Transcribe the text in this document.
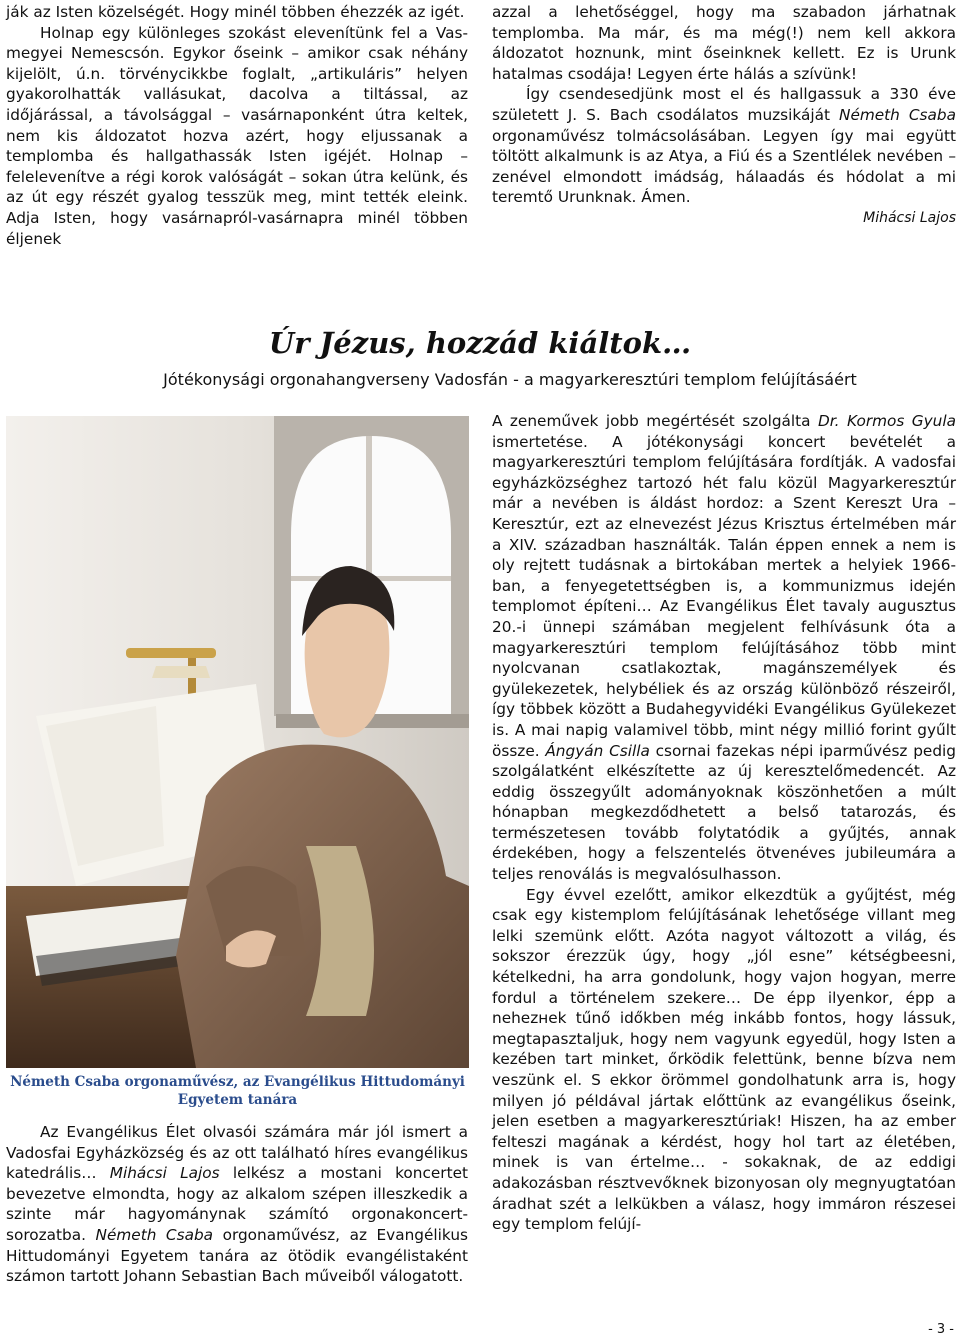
ják az Isten közelségét. Hogy minél többen éhezzék az igét.

Holnap egy különleges szokást elevenítünk fel a Vas-megyei Nemescsón. Egykor őseink – amikor csak néhány kijelölt, ú.n. törvénycikkbe foglalt, „artikuláris” helyen gyakorolhatták vallásukat, dacolva a tiltással, az időjárással, a távolsággal – vasárnaponként útra keltek, nem kis áldozatot hozva azért, hogy eljussanak a templomba és hallgathassák Isten igéjét. Holnap – felelevenítve a régi korok valóságát – sokan útra kelünk, és az út egy részét gyalog tesszük meg, mint tették eleink. Adja Isten, hogy vasárnapról-vasárnapra minél többen éljenek

azzal a lehetőséggel, hogy ma szabadon járhatnak templomba. Ma már, és ma még(!) nem kell akkora áldozatot hoznunk, mint őseinknek kellett. Ez is Urunk hatalmas csodája! Legyen érte hálás a szívünk!

Így csendesedjünk most el és hallgassuk a 330 éve született J. S. Bach csodálatos muzsikáját Németh Csaba orgonaművész tolmácsolásában. Legyen így mai együtt töltött alkalmunk is az Atya, a Fiú és a Szentlélek nevében – zenével elmondott imádság, hálaadás és hódolat a mi teremtő Urunknak. Ámen.

Mihácsi Lajos

Úr Jézus, hozzád kiáltok…
Jótékonysági orgonahangverseny Vadosfán - a magyarkeresztúri templom felújításáért
Németh Csaba orgonaművész, az Evangélikus Hittudományi Egyetem tanára

Az Evangélikus Élet olvasói számára már jól ismert a Vadosfai Egyházközség és az ott található híres evangélikus katedrális… Mihácsi Lajos lelkész a mostani koncertet bevezetve elmondta, hogy az alkalom szépen illeszkedik a szinte már hagyománynak számító orgonakoncert-sorozatba. Németh Csaba orgonaművész, az Evangélikus Hittudományi Egyetem tanára az ötödik evangélistaként számon tartott Johann Sebastian Bach műveiből válogatott.

A zeneművek jobb megértését szolgálta Dr. Kormos Gyula ismertetése. A jótékonysági koncert bevételét a magyarkeresztúri templom felújítására fordítják. A vadosfai egyházközséghez tartozó hét falu közül Magyarkeresztúr már a nevében is áldást hordoz: a Szent Kereszt Ura – Keresztúr, ezt az elnevezést Jézus Krisztus értelmében már a XIV. században használták. Talán éppen ennek a nem is oly rejtett tudásnak a birtokában mertek a helyiek 1966-ban, a fenyegetettségben is, a kommunizmus idején templomot építeni… Az Evangélikus Élet tavaly augusztus 20.-i ünnepi számában megjelent felhívásunk óta a magyarkeresztúri templom felújításához több mint nyolcvanan csatlakoztak, magánszemélyek és gyülekezetek, helybéliek és az ország különböző részeiről, így többek között a Budahegyvidéki Evangélikus Gyülekezet is. A mai napig valamivel több, mint négy millió forint gyűlt össze. Ángyán Csilla csornai fazekas népi iparművész pedig szolgálatként elkészítette az új keresztelőmedencét. Az eddig összegyűlt adományoknak köszönhetően a múlt hónapban megkezdődhetett a belső tatarozás, és természetesen tovább folytatódik a gyűjtés, annak érdekében, hogy a felszentelés ötvenéves jubileumára a teljes renoválás is megvalósulhasson.

Egy évvel ezelőtt, amikor elkezdtük a gyűjtést, még csak egy kistemplom felújításának lehetősége villant meg lelki szemünk előtt. Azóta nagyot változott a világ, és sokszor érezzük úgy, hogy „jól esne” kétségbeesni, kételkedni, ha arra gondolunk, hogy vajon hogyan, merre fordul a történelem szekere… De épp ilyenkor, épp a nehezнek tűnő időkben még inkább fontos, hogy lássuk, megtapasztaljuk, hogy nem vagyunk egyedül, hogy Isten a kezében tart minket, őrködik felettünk, benne bízva nem veszünk el. S ekkor örömmel gondolhatunk arra is, hogy milyen jó példával jártak előttünk az evangélikus őseink, jelen esetben a magyarkeresztúriak! Hiszen, ha az ember felteszi magának a kérdést, hogy hol tart az életében, minek is van értelme… - sokaknak, de az eddigi adakozásban résztvevőknek bizonyosan oly megnyugtatóan áradhat szét a lelkükben a válasz, hogy immáron részesei egy templom felújí-

- 3 -
